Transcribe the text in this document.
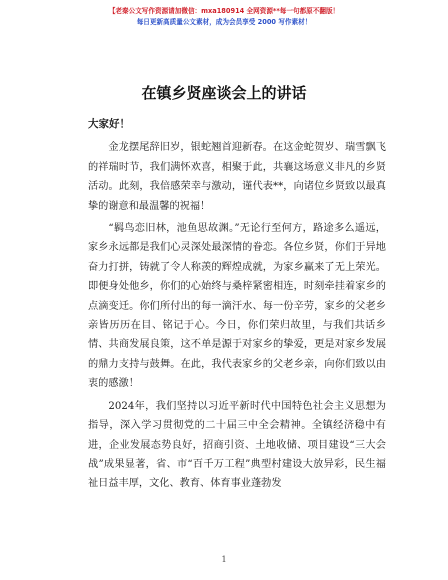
【老秦公文写作资源请加微信：mxa180914 全网资源**每一句都原不翻版！
每日更新高质量公文素材，成为会员享受 2000 写作素材！
在镇乡贤座谈会上的讲话

大家好！

金龙摆尾辞旧岁，银蛇翘首迎新春。在这金蛇贺岁、瑞雪飘飞的祥瑞时节，我们满怀欢喜，相聚于此，共襄这场意义非凡的乡贤活动。此刻，我倍感荣幸与激动，谨代表**，向诸位乡贤致以最真挚的谢意和最温馨的祝福！

“羁鸟恋旧林，池鱼思故渊。”无论行至何方，路途多么遥远，家乡永远都是我们心灵深处最深情的眷恋。各位乡贤，你们于异地奋力打拼，铸就了令人称羡的辉煌成就，为家乡赢来了无上荣光。即便身处他乡，你们的心始终与桑梓紧密相连，时刻牵挂着家乡的点滴变迁。你们所付出的每一滴汗水、每一份辛劳，家乡的父老乡亲皆历历在目、铭记于心。今日，你们荣归故里，与我们共话乡情、共商发展良策，这不单是源于对家乡的挚爱，更是对家乡发展的鼎力支持与鼓舞。在此，我代表家乡的父老乡亲，向你们致以由衷的感激！

2024年，我们坚持以习近平新时代中国特色社会主义思想为指导，深入学习贯彻党的二十届三中全会精神。全镇经济稳中有进，企业发展态势良好，招商引资、土地收储、项目建设“三大会战”成果显著，省、市“百千万工程”典型村建设大放异彩，民生福祉日益丰厚，文化、教育、体育事业蓬勃发

1
